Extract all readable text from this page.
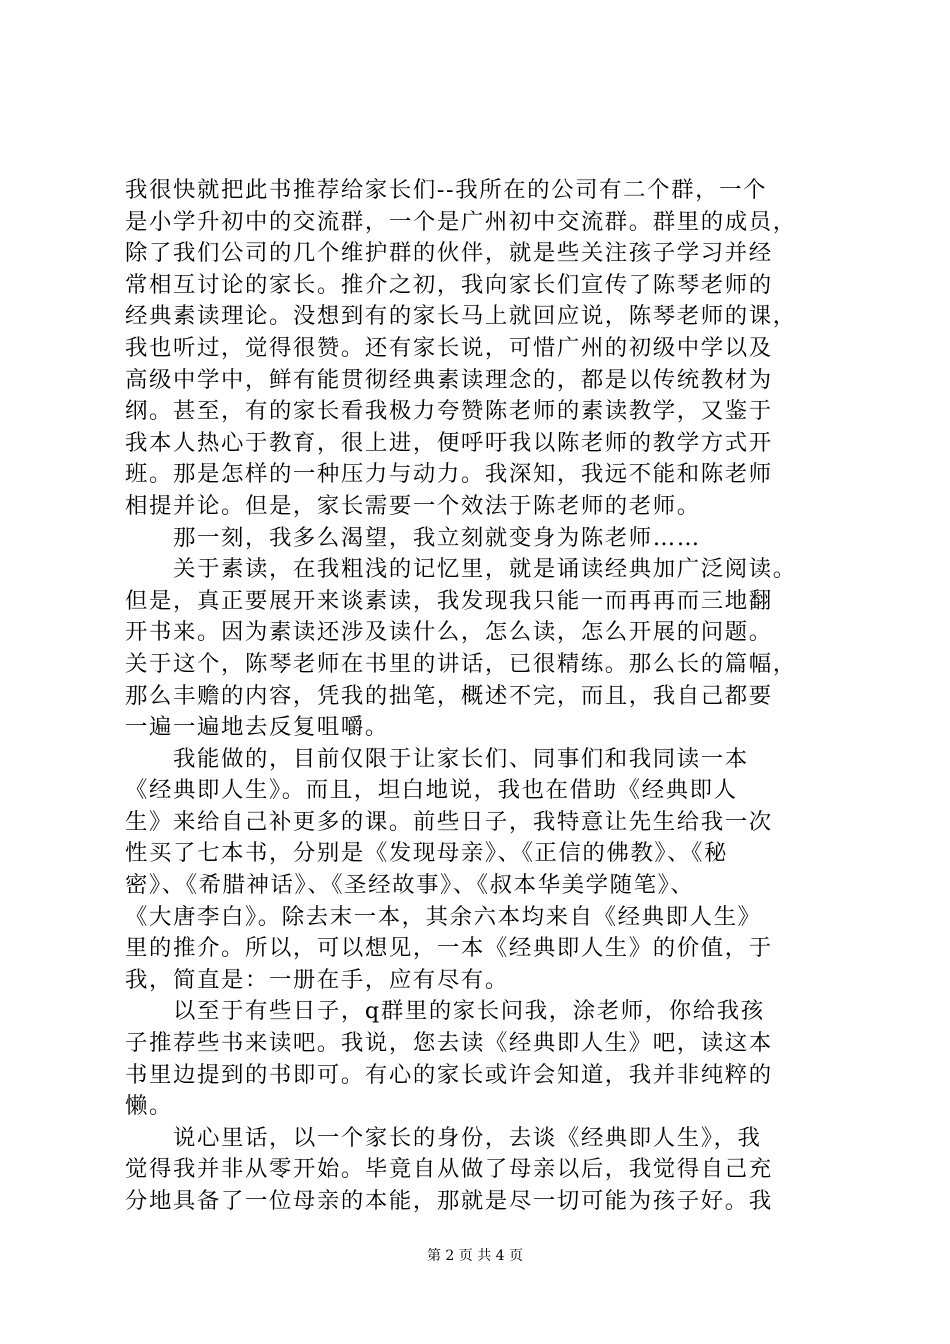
我很快就把此书推荐给家长们--我所在的公司有二个群，一个
是小学升初中的交流群，一个是广州初中交流群。群里的成员，
除了我们公司的几个维护群的伙伴，就是些关注孩子学习并经
常相互讨论的家长。推介之初，我向家长们宣传了陈琴老师的
经典素读理论。没想到有的家长马上就回应说，陈琴老师的课，
我也听过，觉得很赞。还有家长说，可惜广州的初级中学以及
高级中学中，鲜有能贯彻经典素读理念的，都是以传统教材为
纲。甚至，有的家长看我极力夸赞陈老师的素读教学，又鉴于
我本人热心于教育，很上进，便呼吁我以陈老师的教学方式开
班。那是怎样的一种压力与动力。我深知，我远不能和陈老师
相提并论。但是，家长需要一个效法于陈老师的老师。
　　那一刻，我多么渴望，我立刻就变身为陈老师……
　　关于素读，在我粗浅的记忆里，就是诵读经典加广泛阅读。
但是，真正要展开来谈素读，我发现我只能一而再再而三地翻
开书来。因为素读还涉及读什么，怎么读，怎么开展的问题。
关于这个，陈琴老师在书里的讲话，已很精练。那么长的篇幅，
那么丰赡的内容，凭我的拙笔，概述不完，而且，我自己都要
一遍一遍地去反复咀嚼。
　　我能做的，目前仅限于让家长们、同事们和我同读一本
《经典即人生》。而且，坦白地说，我也在借助《经典即人
生》来给自己补更多的课。前些日子，我特意让先生给我一次
性买了七本书，分别是《发现母亲》、《正信的佛教》、《秘
密》、《希腊神话》、《圣经故事》、《叔本华美学随笔》、
《大唐李白》。除去末一本，其余六本均来自《经典即人生》
里的推介。所以，可以想见，一本《经典即人生》的价值，于
我，简直是：一册在手，应有尽有。
　　以至于有些日子，q群里的家长问我，涂老师，你给我孩
子推荐些书来读吧。我说，您去读《经典即人生》吧，读这本
书里边提到的书即可。有心的家长或许会知道，我并非纯粹的
懒。
　　说心里话，以一个家长的身份，去谈《经典即人生》，我
觉得我并非从零开始。毕竟自从做了母亲以后，我觉得自己充
分地具备了一位母亲的本能，那就是尽一切可能为孩子好。我
第 2 页 共 4 页
